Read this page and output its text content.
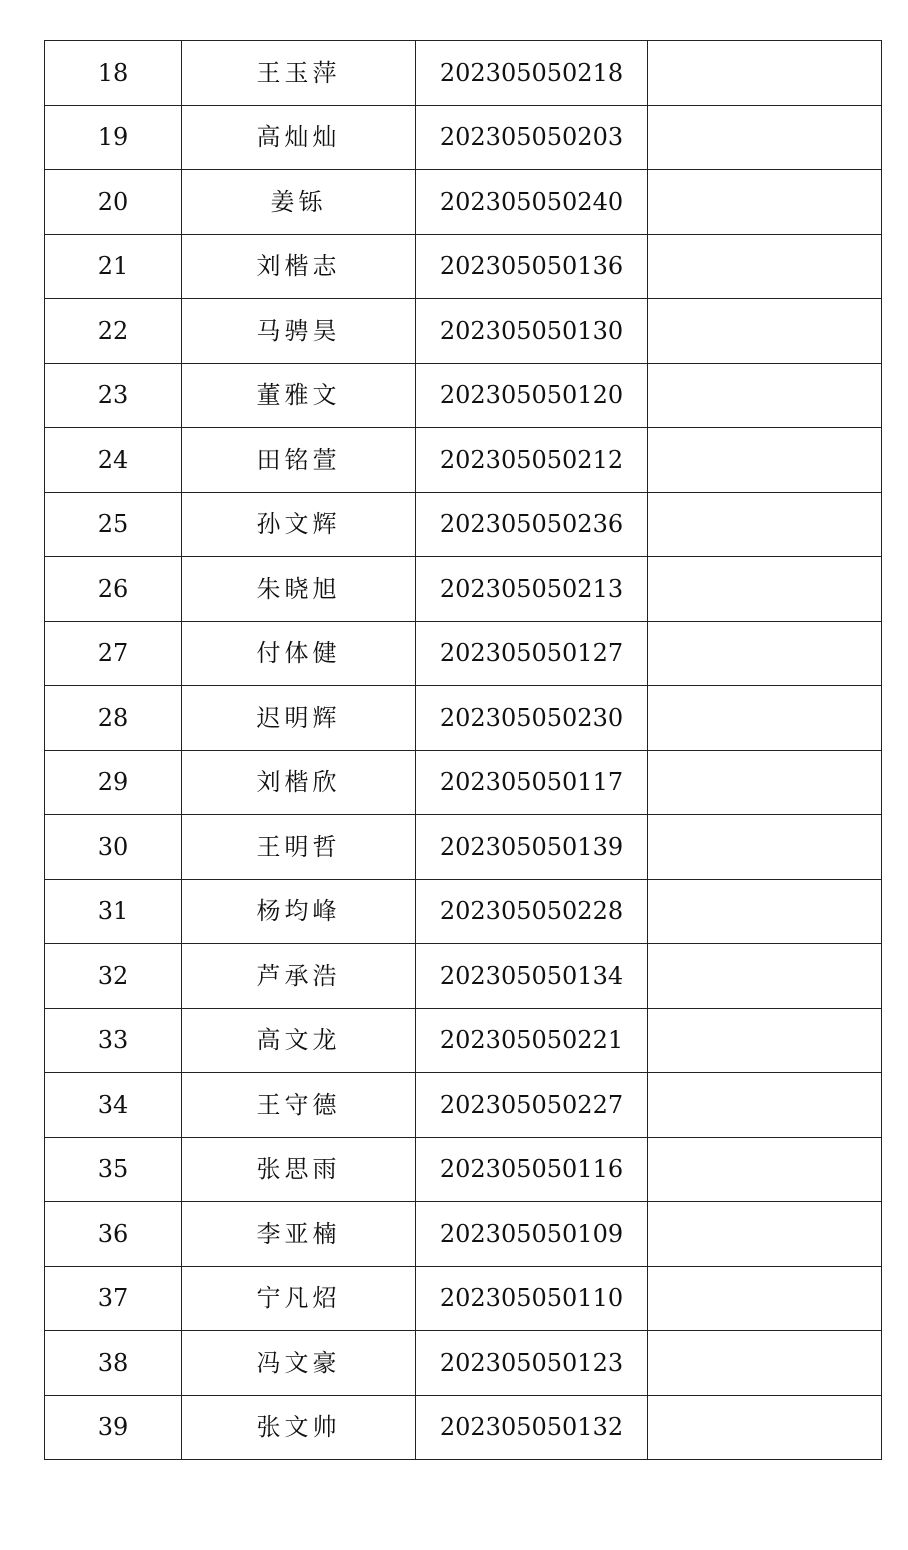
18	王玉萍	202305050218	
19	高灿灿	202305050203	
20	姜铄	202305050240	
21	刘楷志	202305050136	
22	马骋昊	202305050130	
23	董雅文	202305050120	
24	田铭萱	202305050212	
25	孙文辉	202305050236	
26	朱晓旭	202305050213	
27	付体健	202305050127	
28	迟明辉	202305050230	
29	刘楷欣	202305050117	
30	王明哲	202305050139	
31	杨均峰	202305050228	
32	芦承浩	202305050134	
33	高文龙	202305050221	
34	王守德	202305050227	
35	张思雨	202305050116	
36	李亚楠	202305050109	
37	宁凡炤	202305050110	
38	冯文豪	202305050123	
39	张文帅	202305050132	
